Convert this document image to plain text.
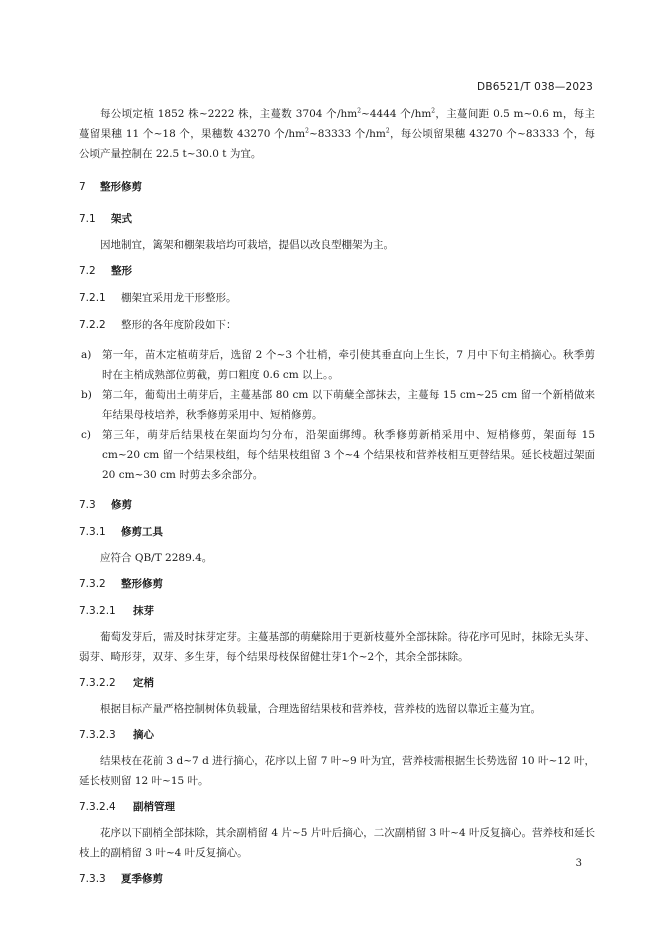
DB6521/T 038—2023

每公顷定植 1852 株~2222 株，主蔓数 3704 个$/hm^2\sim 4444$ 个$/hm^2$，主蔓间距 0.5 m~0.6 m，每主蔓留果穗 11 个~18 个，果穗数 43270 个$/hm^2\sim 83333$ 个$/hm^2$，每公顷留果穗 43270 个~83333 个，每公顷产量控制在 22.5 t~30.0 t 为宜。

7 整形修剪

7.1 架式

因地制宜，篱架和棚架栽培均可栽培，提倡以改良型棚架为主。

7.2 整形

7.2.1 棚架宜采用龙干形整形。

7.2.2 整形的各年度阶段如下：

a)	第一年，苗木定植萌芽后，选留 2 个~3 个壮梢，牵引使其垂直向上生长，7 月中下旬主梢摘心。秋季剪时在主梢成熟部位剪截，剪口粗度 0.6 cm 以上。。
b) 第二年，葡萄出土萌芽后，主蔓基部 80 cm 以下萌蘖全部抹去，主蔓每 15 cm~25 cm 留一个新梢做来年结果母枝培养，秋季修剪采用中、短梢修剪。
c)	第三年，萌芽后结果枝在架面均匀分布，沿架面绑缚。秋季修剪新梢采用中、短梢修剪，架面每 15 cm~20 cm 留一个结果枝组，每个结果枝组留 3 个~4 个结果枝和营养枝相互更替结果。延长枝超过架面 20 cm~30 cm 时剪去多余部分。

7.3 修剪

7.3.1 修剪工具

应符合 QB/T 2289.4。

7.3.2 整形修剪

7.3.2.1 抹芽

葡萄发芽后，需及时抹芽定芽。主蔓基部的萌蘖除用于更新枝蔓外全部抹除。待花序可见时，抹除无头芽、弱芽、畸形芽，双芽、多生芽，每个结果母枝保留健壮芽1个~2个，其余全部抹除。

7.3.2.2 定梢

根据目标产量严格控制树体负载量，合理选留结果枝和营养枝，营养枝的选留以靠近主蔓为宜。

7.3.2.3 摘心

结果枝在花前 3 d~7 d 进行摘心，花序以上留 7 叶~9 叶为宜，营养枝需根据生长势选留 10 叶~12 叶，延长枝则留 12 叶~15 叶。

7.3.2.4 副梢管理

花序以下副梢全部抹除，其余副梢留 4 片~5 片叶后摘心，二次副梢留 3 叶~4 叶反复摘心。营养枝和延长枝上的副梢留 3 叶~4 叶反复摘心。

7.3.3 夏季修剪

3
